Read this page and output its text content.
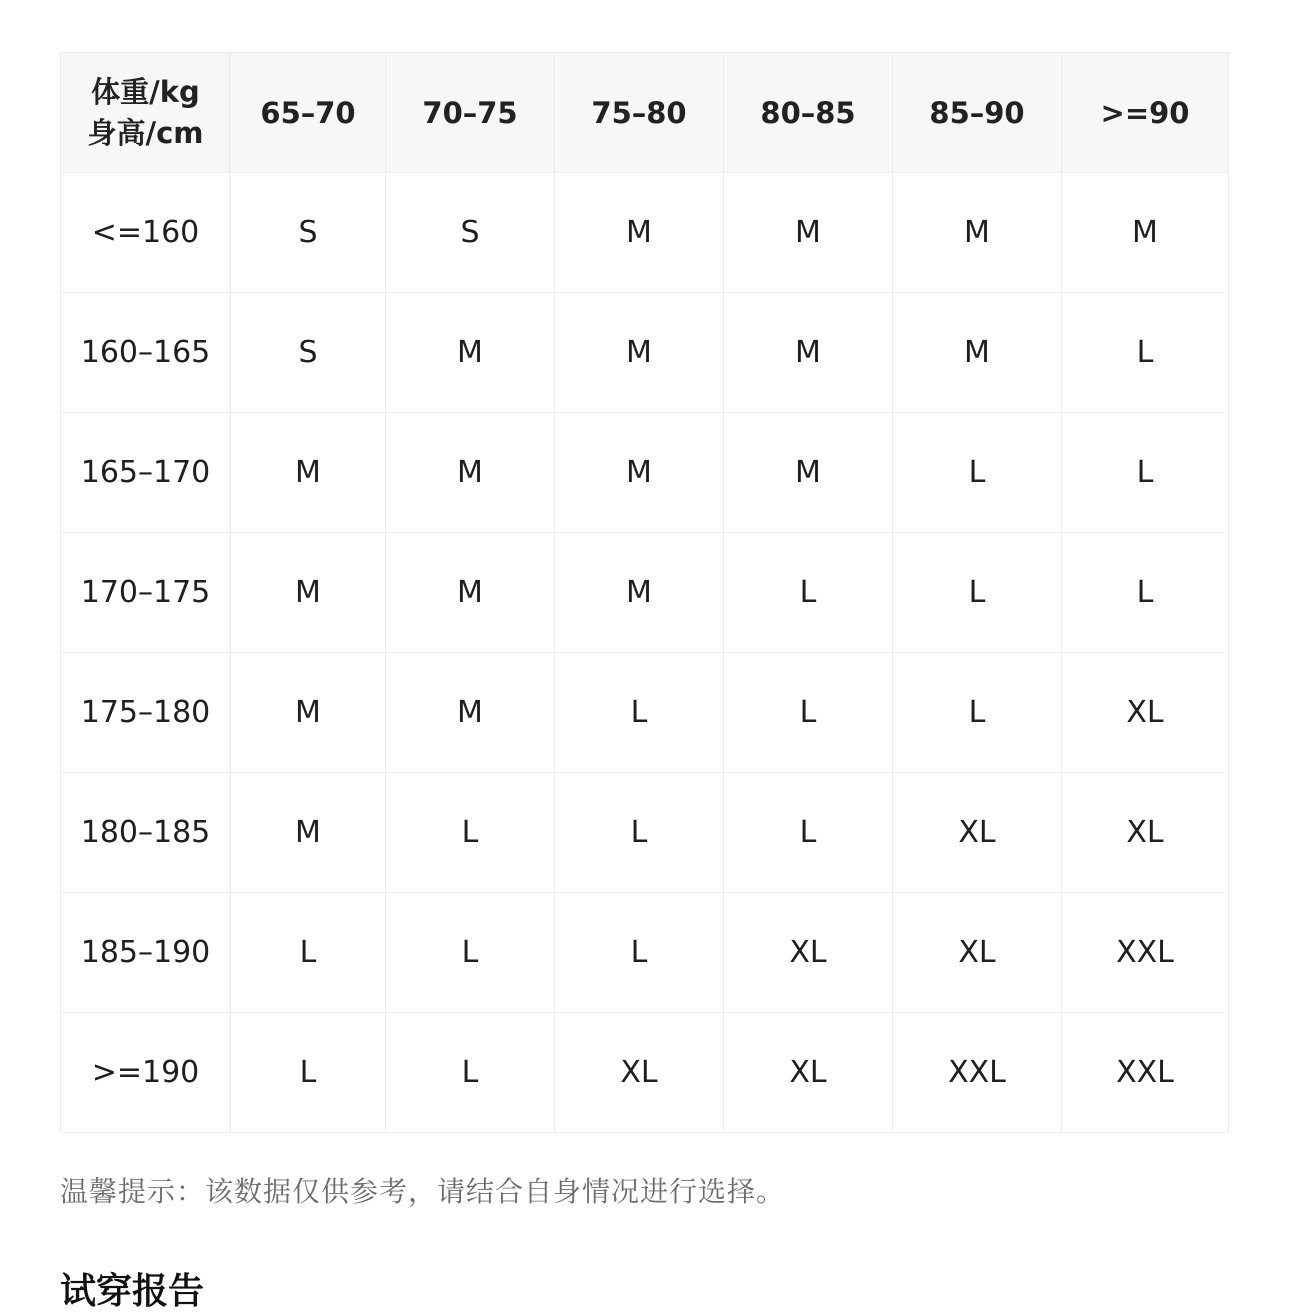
体重/kg
身高/cm	65–70	70–75	75–80	80–85	85–90	>=90
<=160	S	S	M	M	M	M
160–165	S	M	M	M	M	L
165–170	M	M	M	M	L	L
170–175	M	M	M	L	L	L
175–180	M	M	L	L	L	XL
180–185	M	L	L	L	XL	XL
185–190	L	L	L	XL	XL	XXL
>=190	L	L	XL	XL	XXL	XXL
温馨提示：该数据仅供参考，请结合自身情况进行选择。
试穿报告
